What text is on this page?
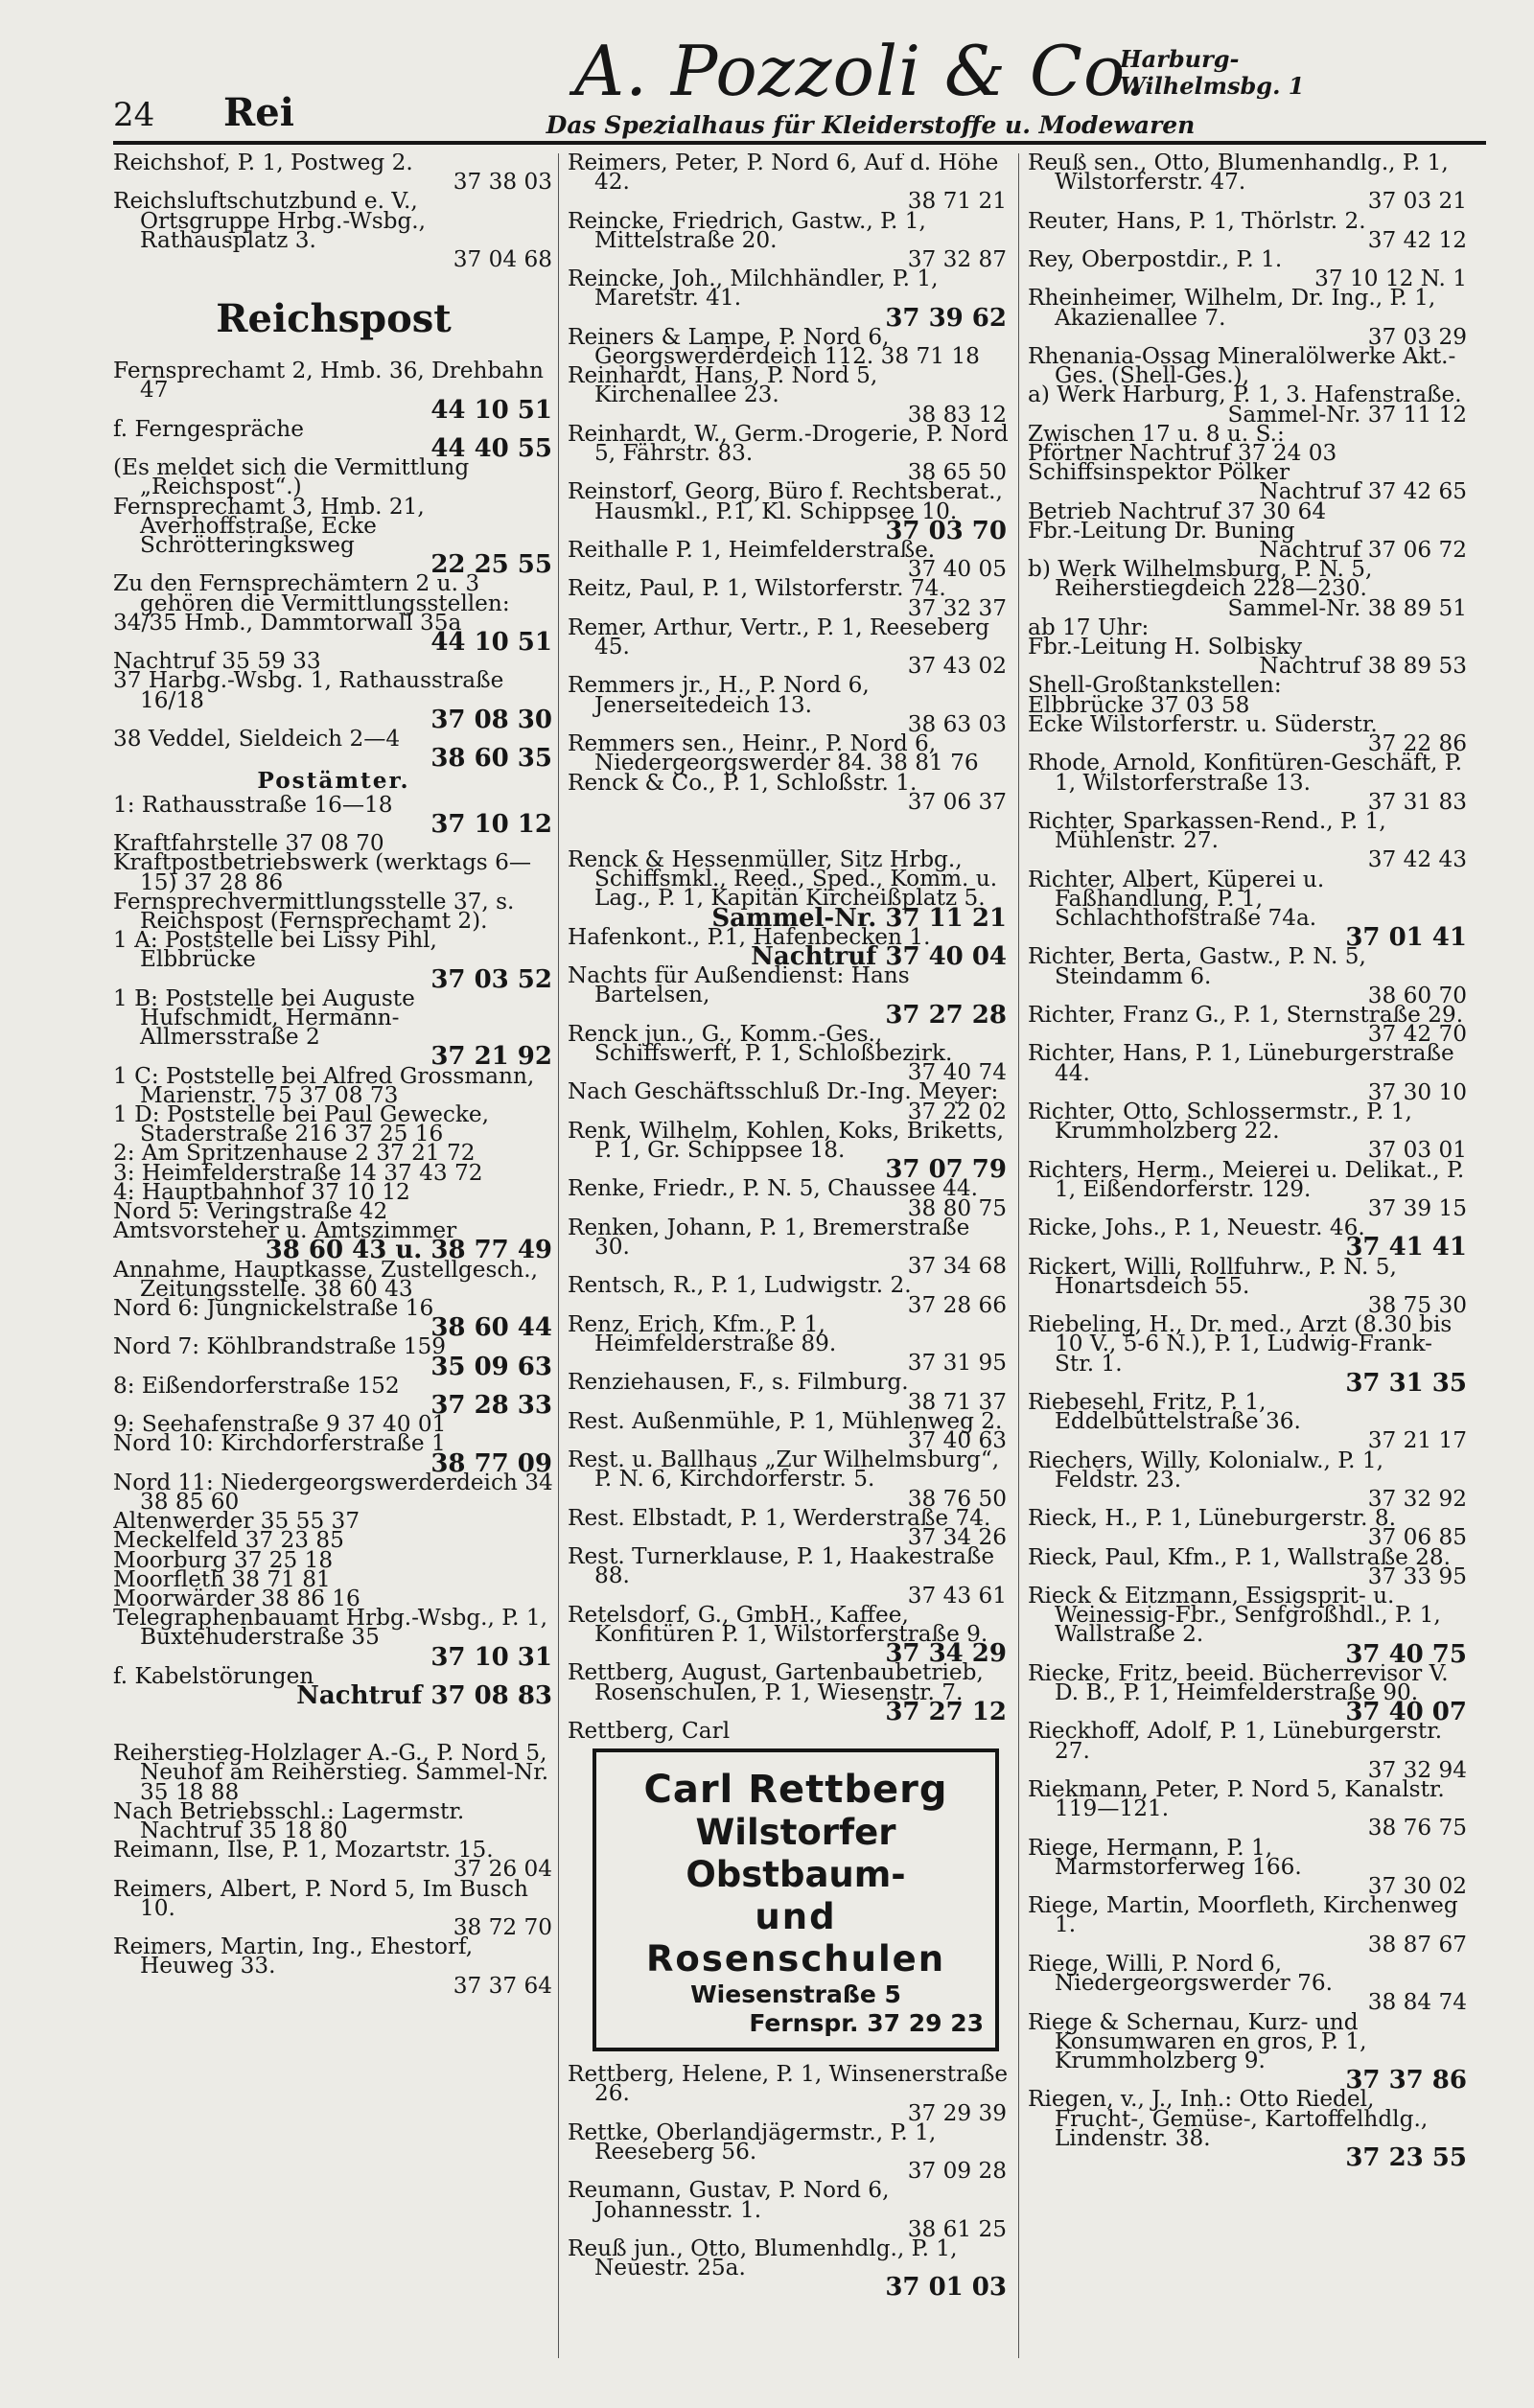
24 Rei
A. Pozzoli & Co.
Harburg-
Wilhelmsbg. 1
Das Spezialhaus für Kleiderstoffe u. Modewaren
Reichshof, P. 1, Postweg 2.
37 38 03
Reichsluftschutzbund e. V., Ortsgruppe Hrbg.-Wsbg., Rathausplatz 3.
37 04 68
Reichspost
Fernsprechamt 2, Hmb. 36, Drehbahn 47
44 10 51
f. Ferngespräche
44 40 55
(Es meldet sich die Vermittlung „Reichspost“.)
Fernsprechamt 3, Hmb. 21, Averhoffstraße, Ecke Schrötteringksweg
22 25 55
Zu den Fernsprechämtern 2 u. 3 gehören die Vermittlungsstellen:
34/35 Hmb., Dammtorwall 35a
44 10 51
Nachtruf 35 59 33
37 Harbg.-Wsbg. 1, Rathausstraße 16/18
37 08 30
38 Veddel, Sieldeich 2—4
38 60 35
Postämter.
1: Rathausstraße 16—18
37 10 12
Kraftfahrstelle 37 08 70
Kraftpostbetriebswerk (werktags 6—15) 37 28 86
Fernsprechvermittlungsstelle 37, s. Reichspost (Fernsprechamt 2).
1 A: Poststelle bei Lissy Pihl, Elbbrücke
37 03 52
1 B: Poststelle bei Auguste Hufschmidt, Hermann-Allmersstraße 2
37 21 92
1 C: Poststelle bei Alfred Grossmann, Marienstr. 75 37 08 73
1 D: Poststelle bei Paul Gewecke, Staderstraße 216 37 25 16
2: Am Spritzenhause 2 37 21 72
3: Heimfelderstraße 14 37 43 72
4: Hauptbahnhof 37 10 12
Nord 5: Veringstraße 42
Amtsvorsteher u. Amtszimmer
38 60 43 u. 38 77 49
Annahme, Hauptkasse, Zustellgesch., Zeitungsstelle. 38 60 43
Nord 6: Jungnickelstraße 16
38 60 44
Nord 7: Köhlbrandstraße 159
35 09 63
8: Eißendorferstraße 152
37 28 33
9: Seehafenstraße 9 37 40 01
Nord 10: Kirchdorferstraße 1
38 77 09
Nord 11: Niedergeorgswerderdeich 34 38 85 60
Altenwerder 35 55 37
Meckelfeld 37 23 85
Moorburg 37 25 18
Moorfleth 38 71 81
Moorwärder 38 86 16
Telegraphenbauamt Hrbg.-Wsbg., P. 1, Buxtehuderstraße 35
37 10 31
f. Kabelstörungen
Nachtruf 37 08 83
Reiherstieg-Holzlager A.-G., P. Nord 5, Neuhof am Reiherstieg. Sammel-Nr. 35 18 88
Nach Betriebsschl.: Lagermstr. Nachtruf 35 18 80
Reimann, Ilse, P. 1, Mozartstr. 15.
37 26 04
Reimers, Albert, P. Nord 5, Im Busch 10.
38 72 70
Reimers, Martin, Ing., Ehestorf, Heuweg 33.
37 37 64
Reimers, Peter, P. Nord 6, Auf d. Höhe 42.
38 71 21
Reincke, Friedrich, Gastw., P. 1, Mittelstraße 20.
37 32 87
Reincke, Joh., Milchhändler, P. 1, Maretstr. 41.
37 39 62
Reiners & Lampe, P. Nord 6, Georgswerderdeich 112. 38 71 18
Reinhardt, Hans, P. Nord 5, Kirchenallee 23.
38 83 12
Reinhardt, W., Germ.-Drogerie, P. Nord 5, Fährstr. 83.
38 65 50
Reinstorf, Georg, Büro f. Rechtsberat., Hausmkl., P.1, Kl. Schippsee 10.
37 03 70
Reithalle P. 1, Heimfelderstraße.
37 40 05
Reitz, Paul, P. 1, Wilstorferstr. 74.
37 32 37
Remer, Arthur, Vertr., P. 1, Reeseberg 45.
37 43 02
Remmers jr., H., P. Nord 6, Jenerseitedeich 13.
38 63 03
Remmers sen., Heinr., P. Nord 6, Niedergeorgswerder 84. 38 81 76
Renck & Co., P. 1, Schloßstr. 1.
37 06 37
Renck & Hessenmüller, Sitz Hrbg., Schiffsmkl., Reed., Sped., Komm. u. Lag., P. 1, Kapitän Kircheißplatz 5.
Sammel-Nr. 37 11 21
Hafenkont., P.1, Hafenbecken 1.
Nachtruf 37 40 04
Nachts für Außendienst: Hans Bartelsen,
37 27 28
Renck jun., G., Komm.-Ges., Schiffswerft, P. 1, Schloßbezirk.
37 40 74
Nach Geschäftsschluß Dr.-Ing. Meyer:
37 22 02
Renk, Wilhelm, Kohlen, Koks, Briketts, P. 1, Gr. Schippsee 18.
37 07 79
Renke, Friedr., P. N. 5, Chaussee 44.
38 80 75
Renken, Johann, P. 1, Bremerstraße 30.
37 34 68
Rentsch, R., P. 1, Ludwigstr. 2.
37 28 66
Renz, Erich, Kfm., P. 1, Heimfelderstraße 89.
37 31 95
Renziehausen, F., s. Filmburg.
38 71 37
Rest. Außenmühle, P. 1, Mühlenweg 2.
37 40 63
Rest. u. Ballhaus „Zur Wilhelmsburg“, P. N. 6, Kirchdorferstr. 5.
38 76 50
Rest. Elbstadt, P. 1, Werderstraße 74.
37 34 26
Rest. Turnerklause, P. 1, Haakestraße 88.
37 43 61
Retelsdorf, G., GmbH., Kaffee, Konfitüren P. 1, Wilstorferstraße 9.
37 34 29
Rettberg, August, Gartenbaubetrieb, Rosenschulen, P. 1, Wiesenstr. 7.
37 27 12
Rettberg, Carl
Carl Rettberg
Wilstorfer Obstbaum-
und Rosenschulen
Wiesenstraße 5
Fernspr. 37 29 23
Rettberg, Helene, P. 1, Winsenerstraße 26.
37 29 39
Rettke, Oberlandjägermstr., P. 1, Reeseberg 56.
37 09 28
Reumann, Gustav, P. Nord 6, Johannesstr. 1.
38 61 25
Reuß jun., Otto, Blumenhdlg., P. 1, Neuestr. 25a.
37 01 03
Reuß sen., Otto, Blumenhandlg., P. 1, Wilstorferstr. 47.
37 03 21
Reuter, Hans, P. 1, Thörlstr. 2.
37 42 12
Rey, Oberpostdir., P. 1.
37 10 12 N. 1
Rheinheimer, Wilhelm, Dr. Ing., P. 1, Akazienallee 7.
37 03 29
Rhenania-Ossag Mineralölwerke Akt.-Ges. (Shell-Ges.),
a) Werk Harburg, P. 1, 3. Hafenstraße.
Sammel-Nr. 37 11 12
Zwischen 17 u. 8 u. S.:
Pförtner Nachtruf 37 24 03
Schiffsinspektor Pölker
Nachtruf 37 42 65
Betrieb Nachtruf 37 30 64
Fbr.-Leitung Dr. Buning
Nachtruf 37 06 72
b) Werk Wilhelmsburg, P. N. 5, Reiherstiegdeich 228—230.
Sammel-Nr. 38 89 51
ab 17 Uhr:
Fbr.-Leitung H. Solbisky
Nachtruf 38 89 53
Shell-Großtankstellen:
Elbbrücke 37 03 58
Ecke Wilstorferstr. u. Süderstr.
37 22 86
Rhode, Arnold, Konfitüren-Geschäft, P. 1, Wilstorferstraße 13.
37 31 83
Richter, Sparkassen-Rend., P. 1, Mühlenstr. 27.
37 42 43
Richter, Albert, Küperei u. Faßhandlung, P. 1, Schlachthofstraße 74a.
37 01 41
Richter, Berta, Gastw., P. N. 5, Steindamm 6.
38 60 70
Richter, Franz G., P. 1, Sternstraße 29.
37 42 70
Richter, Hans, P. 1, Lüneburgerstraße 44.
37 30 10
Richter, Otto, Schlossermstr., P. 1, Krummholzberg 22.
37 03 01
Richters, Herm., Meierei u. Delikat., P. 1, Eißendorferstr. 129.
37 39 15
Ricke, Johs., P. 1, Neuestr. 46.
37 41 41
Rickert, Willi, Rollfuhrw., P. N. 5, Honartsdeich 55.
38 75 30
Riebeling, H., Dr. med., Arzt (8.30 bis 10 V., 5-6 N.), P. 1, Ludwig-Frank-Str. 1.
37 31 35
Riebesehl, Fritz, P. 1, Eddelbüttelstraße 36.
37 21 17
Riechers, Willy, Kolonialw., P. 1, Feldstr. 23.
37 32 92
Rieck, H., P. 1, Lüneburgerstr. 8.
37 06 85
Rieck, Paul, Kfm., P. 1, Wallstraße 28.
37 33 95
Rieck & Eitzmann, Essigsprit- u. Weinessig-Fbr., Senfgroßhdl., P. 1, Wallstraße 2.
37 40 75
Riecke, Fritz, beeid. Bücherrevisor V. D. B., P. 1, Heimfelderstraße 90.
37 40 07
Rieckhoff, Adolf, P. 1, Lüneburgerstr. 27.
37 32 94
Riekmann, Peter, P. Nord 5, Kanalstr. 119—121.
38 76 75
Riege, Hermann, P. 1, Marmstorferweg 166.
37 30 02
Riege, Martin, Moorfleth, Kirchenweg 1.
38 87 67
Riege, Willi, P. Nord 6, Niedergeorgswerder 76.
38 84 74
Riege & Schernau, Kurz- und Konsumwaren en gros, P. 1, Krummholzberg 9.
37 37 86
Riegen, v., J., Inh.: Otto Riedel, Frucht-, Gemüse-, Kartoffelhdlg., Lindenstr. 38.
37 23 55
